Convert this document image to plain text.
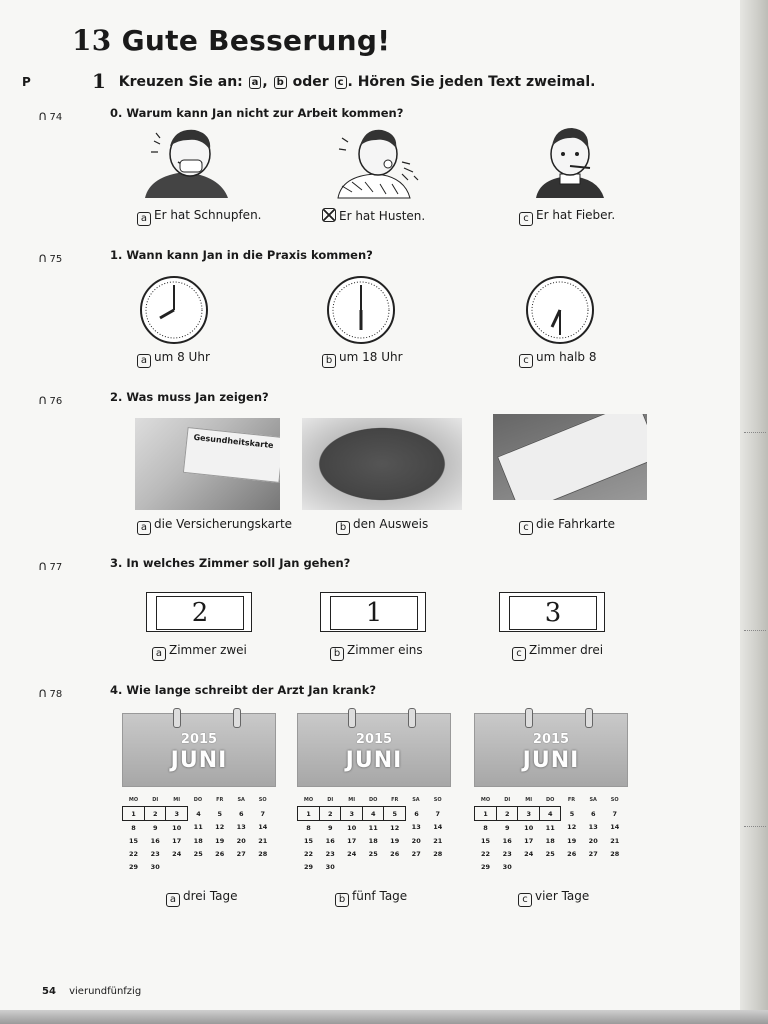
13 Gute Besserung!
P	1 Kreuzen Sie an: a , b oder c . Hören Sie jeden Text zweimal.
∩ 74	0. Warum kann Jan nicht zur Arbeit kommen?
a Er hat Schnupfen.	Er hat Husten.	c Er hat Fieber.
∩ 75	1. Wann kann Jan in die Praxis kommen?
a um 8 Uhr	b um 18 Uhr	c um halb 8
∩ 76	2. Was muss Jan zeigen?
Gesundheitskarte
a die Versicherungskarte	b den Ausweis	c die Fahrkarte
∩ 77	3. In welches Zimmer soll Jan gehen?
2	1	3
a Zimmer zwei	b Zimmer eins	c Zimmer drei
∩ 78	4. Wie lange schreibt der Arzt Jan krank?
2015
JUNI
MO	DI	MI	DO	FR	SA	SO
1	2	3	4	5	6	7
8	9	10	11	12	13	14
15	16	17	18	19	20	21
22	23	24	25	26	27	28
29	30					
2015
JUNI
MO	DI	MI	DO	FR	SA	SO
1	2	3	4	5	6	7
8	9	10	11	12	13	14
15	16	17	18	19	20	21
22	23	24	25	26	27	28
29	30					
2015
JUNI
MO	DI	MI	DO	FR	SA	SO
1	2	3	4	5	6	7
8	9	10	11	12	13	14
15	16	17	18	19	20	21
22	23	24	25	26	27	28
29	30					
a drei Tage	b fünf Tage	c vier Tage
54 vierundfünfzig
